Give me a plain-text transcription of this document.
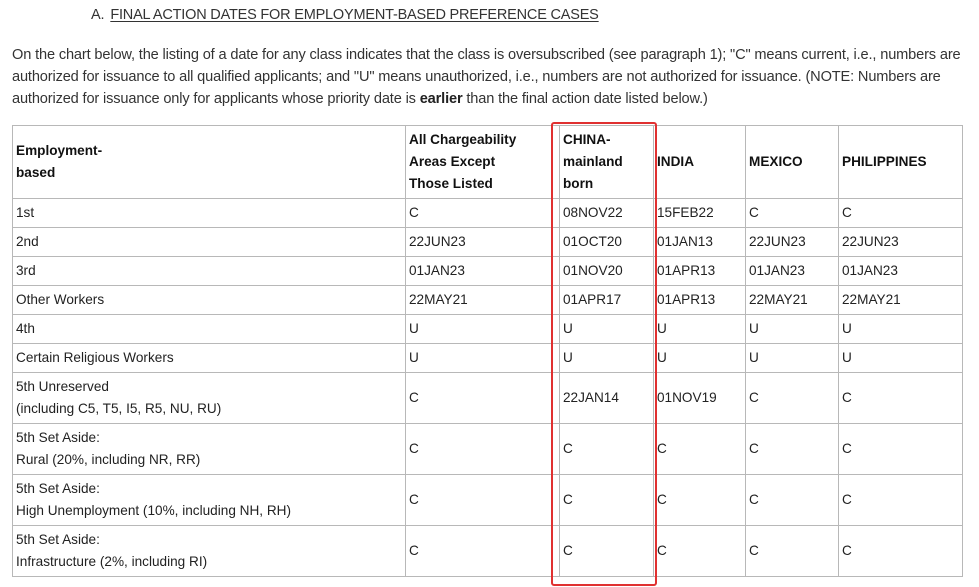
A. FINAL ACTION DATES FOR EMPLOYMENT-BASED PREFERENCE CASES

On the chart below, the listing of a date for any class indicates that the class is oversubscribed (see paragraph 1); "C" means current, i.e., numbers are authorized for issuance to all qualified applicants; and "U" means unauthorized, i.e., numbers are not authorized for issuance. (NOTE: Numbers are authorized for issuance only for applicants whose priority date is earlier than the final action date listed below.)

Employment-
based	All Chargeability
Areas Except
Those Listed	CHINA-
mainland
born	INDIA	MEXICO	PHILIPPINES

1st	C	08NOV22	15FEB22	C	C

2nd	22JUN23	01OCT20	01JAN13	22JUN23	22JUN23

3rd	01JAN23	01NOV20	01APR13	01JAN23	01JAN23

Other Workers	22MAY21	01APR17	01APR13	22MAY21	22MAY21

4th	U	U	U	U	U

Certain Religious Workers	U	U	U	U	U

5th Unreserved
(including C5, T5, I5, R5, NU, RU)	C	22JAN14	01NOV19	C	C

5th Set Aside:
Rural (20%, including NR, RR)	C	C	C	C	C

5th Set Aside:
High Unemployment (10%, including NH, RH)	C	C	C	C	C

5th Set Aside:
Infrastructure (2%, including RI)	C	C	C	C	C
